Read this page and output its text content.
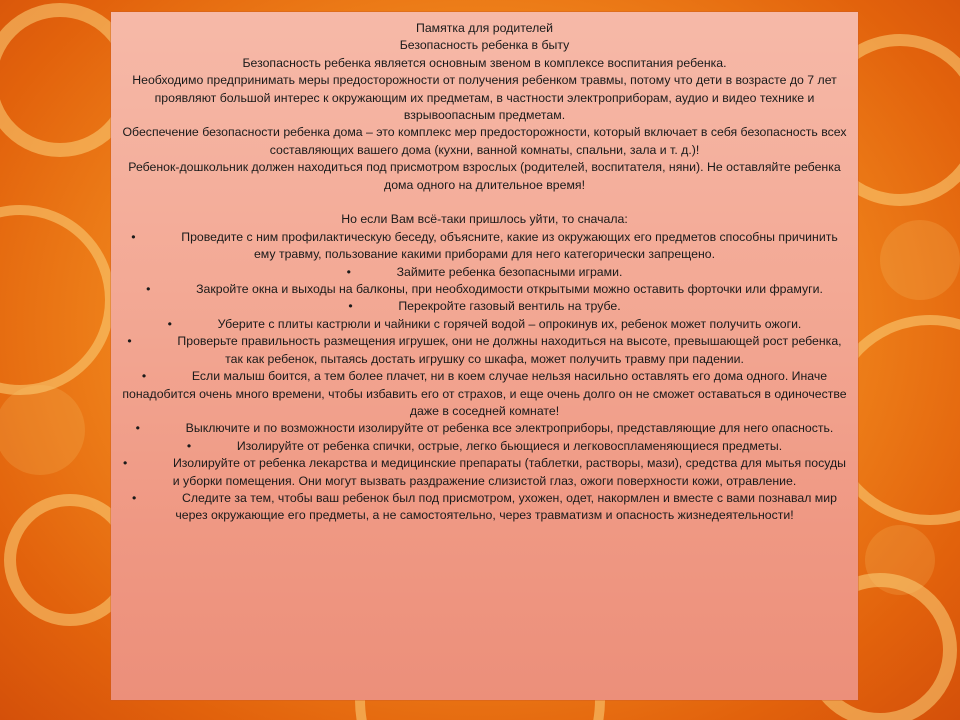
Памятка для родителей

Безопасность ребенка в быту

Безопасность ребенка является основным звеном в комплексе воспитания ребенка.

Необходимо предпринимать меры предосторожности от получения ребенком травмы, потому что дети в возрасте до 7 лет проявляют большой интерес к окружающим их предметам, в частности электроприборам, аудио и видео технике и взрывоопасным предметам.

Обеспечение безопасности ребенка дома – это комплекс мер предосторожности, который включает в себя безопасность всех составляющих вашего дома (кухни, ванной комнаты, спальни, зала и т. д.)!

Ребенок-дошкольник должен находиться под присмотром взрослых (родителей, воспитателя, няни). Не оставляйте ребенка дома одного на длительное время!

Но если Вам всё-таки пришлось уйти, то сначала:

•	Проведите с ним профилактическую беседу, объясните, какие из окружающих его предметов способны причинить ему травму, пользование какими приборами для него категорически запрещено.

•	Займите ребенка безопасными играми.

•	Закройте окна и выходы на балконы, при необходимости открытыми можно оставить форточки или фрамуги.

•	Перекройте газовый вентиль на трубе.

•	Уберите с плиты кастрюли и чайники с горячей водой – опрокинув их, ребенок может получить ожоги.

•	Проверьте правильность размещения игрушек, они не должны находиться на высоте, превышающей рост ребенка, так как ребенок, пытаясь достать игрушку со шкафа, может получить травму при падении.

•	Если малыш боится, а тем более плачет, ни в коем случае нельзя насильно оставлять его дома одного. Иначе понадобится очень много времени, чтобы избавить его от страхов, и еще очень долго он не сможет оставаться в одиночестве даже в соседней комнате!

•	Выключите и по возможности изолируйте от ребенка все электроприборы, представляющие для него опасность.

•	Изолируйте от ребенка спички, острые, легко бьющиеся и легковоспламеняющиеся предметы.

•	Изолируйте от ребенка лекарства и медицинские препараты (таблетки, растворы, мази), средства для мытья посуды и уборки помещения. Они могут вызвать раздражение слизистой глаз, ожоги поверхности кожи, отравление.

•	Следите за тем, чтобы ваш ребенок был под присмотром, ухожен, одет, накормлен и вместе с вами познавал мир через окружающие его предметы, а не самостоятельно, через травматизм и опасность жизнедеятельности!
